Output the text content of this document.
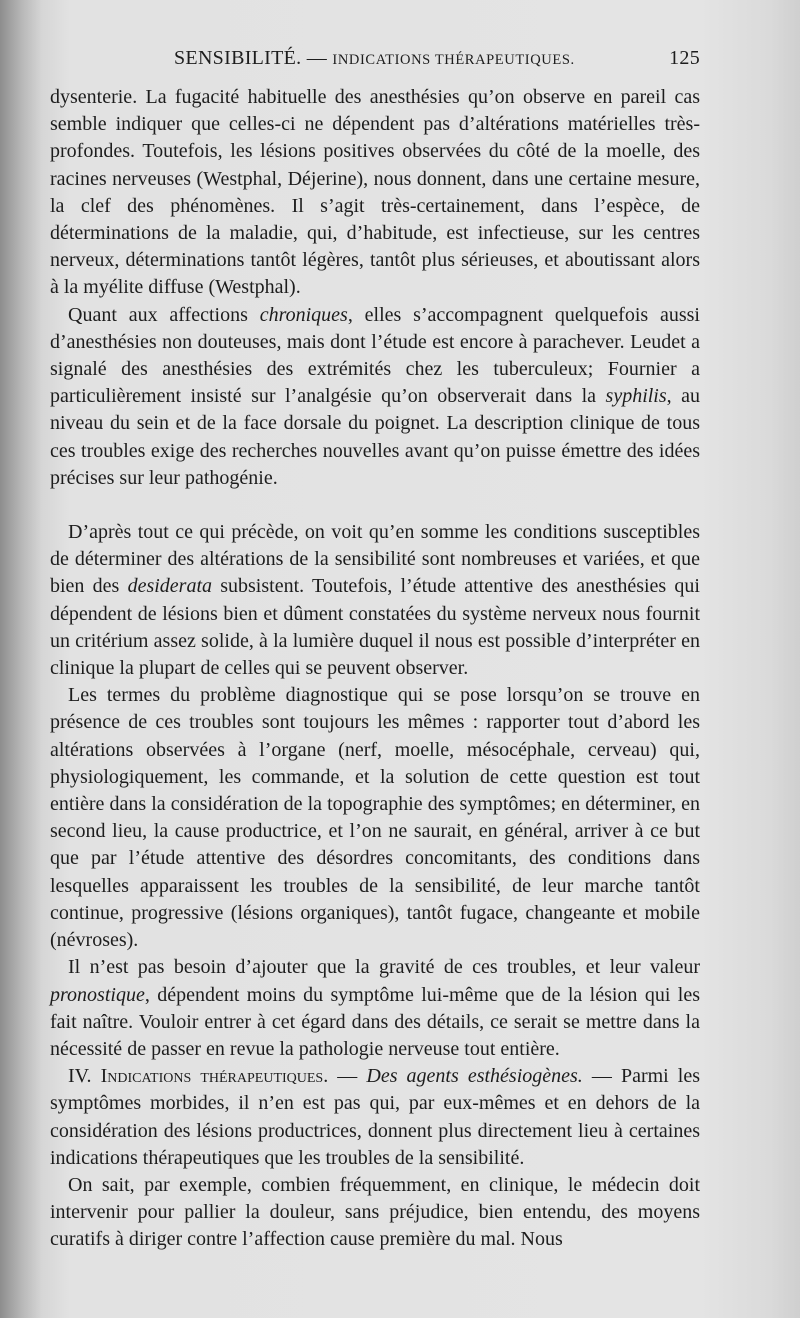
SENSIBILITÉ. — INDICATIONS THÉRAPEUTIQUES.	125

dysenterie. La fugacité habituelle des anesthésies qu’on observe en pareil cas semble indiquer que celles-ci ne dépendent pas d’altérations matérielles très-profondes. Toutefois, les lésions positives observées du côté de la moelle, des racines nerveuses (Westphal, Déjerine), nous donnent, dans une certaine mesure, la clef des phénomènes. Il s’agit très-certainement, dans l’espèce, de déterminations de la maladie, qui, d’habitude, est infectieuse, sur les centres nerveux, déterminations tantôt légères, tantôt plus sérieuses, et aboutissant alors à la myélite diffuse (Westphal).

Quant aux affections chroniques, elles s’accompagnent quelquefois aussi d’anesthésies non douteuses, mais dont l’étude est encore à parachever. Leudet a signalé des anesthésies des extrémités chez les tuberculeux; Fournier a particulièrement insisté sur l’analgésie qu’on observerait dans la syphilis, au niveau du sein et de la face dorsale du poignet. La description clinique de tous ces troubles exige des recherches nouvelles avant qu’on puisse émettre des idées précises sur leur pathogénie.

D’après tout ce qui précède, on voit qu’en somme les conditions susceptibles de déterminer des altérations de la sensibilité sont nombreuses et variées, et que bien des desiderata subsistent. Toutefois, l’étude attentive des anesthésies qui dépendent de lésions bien et dûment constatées du système nerveux nous fournit un critérium assez solide, à la lumière duquel il nous est possible d’interpréter en clinique la plupart de celles qui se peuvent observer.

Les termes du problème diagnostique qui se pose lorsqu’on se trouve en présence de ces troubles sont toujours les mêmes : rapporter tout d’abord les altérations observées à l’organe (nerf, moelle, mésocéphale, cerveau) qui, physiologiquement, les commande, et la solution de cette question est tout entière dans la considération de la topographie des symptômes; en déterminer, en second lieu, la cause productrice, et l’on ne saurait, en général, arriver à ce but que par l’étude attentive des désordres concomitants, des conditions dans lesquelles apparaissent les troubles de la sensibilité, de leur marche tantôt continue, progressive (lésions organiques), tantôt fugace, changeante et mobile (névroses).

Il n’est pas besoin d’ajouter que la gravité de ces troubles, et leur valeur pronostique, dépendent moins du symptôme lui-même que de la lésion qui les fait naître. Vouloir entrer à cet égard dans des détails, ce serait se mettre dans la nécessité de passer en revue la pathologie nerveuse tout entière.

IV. Indications thérapeutiques. — Des agents esthésiogènes. — Parmi les symptômes morbides, il n’en est pas qui, par eux-mêmes et en dehors de la considération des lésions productrices, donnent plus directement lieu à certaines indications thérapeutiques que les troubles de la sensibilité.

On sait, par exemple, combien fréquemment, en clinique, le médecin doit intervenir pour pallier la douleur, sans préjudice, bien entendu, des moyens curatifs à diriger contre l’affection cause première du mal. Nous
